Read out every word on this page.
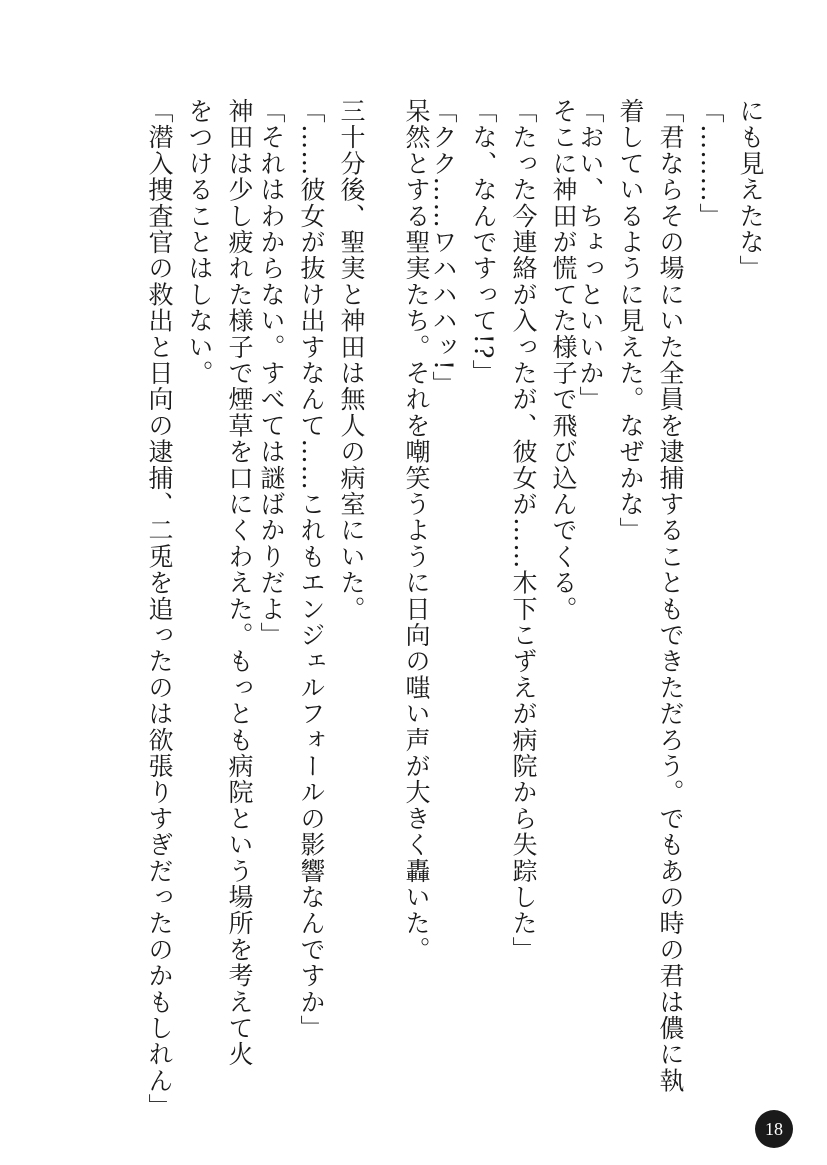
にも見えたな」
「………」
「君ならその場にいた全員を逮捕することもできただろう。でもあの時の君は儂に執
着しているように見えた。なぜかな」
「おい、ちょっといいか」
そこに神田が慌てた様子で飛び込んでくる。
「たった今連絡が入ったが、彼女が……木下こずえが病院から失踪した」
「な、なんですって!?」
「クク……ワハハハッ!」
呆然とする聖実たち。それを嘲笑うように日向の嗤い声が大きく轟いた。
三十分後、聖実と神田は無人の病室にいた。
「……彼女が抜け出すなんて……これもエンジェルフォールの影響なんですか」
「それはわからない。すべては謎ばかりだよ」
神田は少し疲れた様子で煙草を口にくわえた。もっとも病院という場所を考えて火
をつけることはしない。
「潜入捜査官の救出と日向の逮捕、二兎を追ったのは欲張りすぎだったのかもしれん」
18
